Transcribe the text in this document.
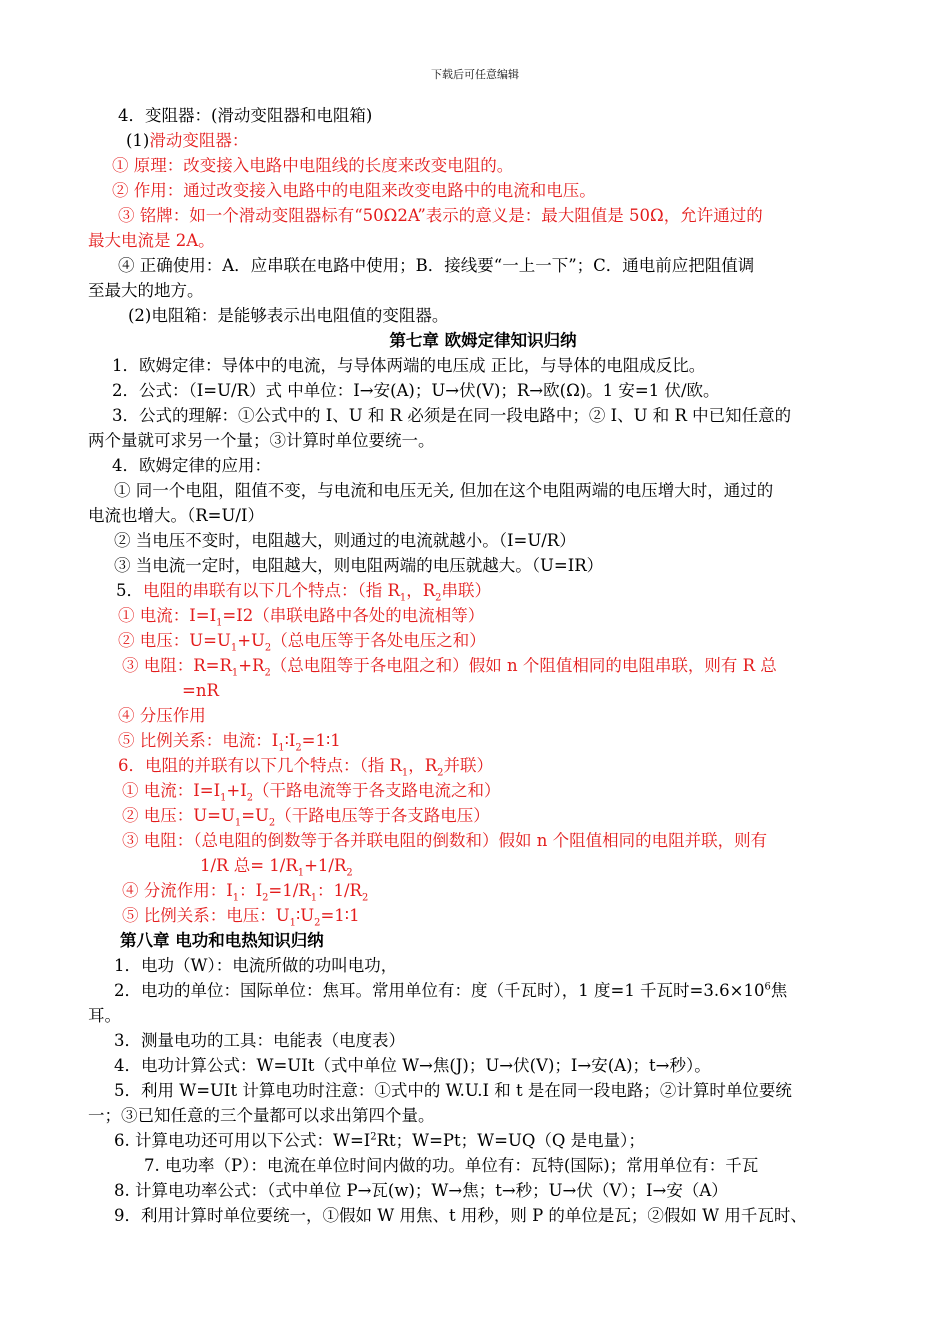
下载后可任意编辑
4．变阻器：(滑动变阻器和电阻箱)
(1)滑动变阻器：
① 原理：改变接入电路中电阻线的长度来改变电阻的。
② 作用：通过改变接入电路中的电阻来改变电路中的电流和电压。
③ 铭牌：如一个滑动变阻器标有“50Ω2A”表示的意义是：最大阻值是 50Ω，允许通过的
最大电流是 2A。
④ 正确使用：A．应串联在电路中使用；B．接线要“一上一下”；C．通电前应把阻值调
至最大的地方。
(2)电阻箱：是能够表示出电阻值的变阻器。
第七章 欧姆定律知识归纳
1．欧姆定律：导体中的电流，与导体两端的电压成 正比，与导体的电阻成反比。
2．公式：（I=U/R）式 中单位：I→安(A)；U→伏(V)；R→欧(Ω)。1 安=1 伏/欧。
3．公式的理解：①公式中的 I、U 和 R 必须是在同一段电路中；② I、U 和 R 中已知任意的
两个量就可求另一个量；③计算时单位要统一。
4．欧姆定律的应用：
① 同一个电阻，阻值不变，与电流和电压无关, 但加在这个电阻两端的电压增大时，通过的
电流也增大。（R=U/I）
② 当电压不变时，电阻越大，则通过的电流就越小。（I=U/R）
③ 当电流一定时，电阻越大，则电阻两端的电压就越大。（U=IR）
5．电阻的串联有以下几个特点：（指 $R_1$，$R_2$串联）
① 电流：$I=I_1=I2$（串联电路中各处的电流相等）
② 电压：$U=U_1+U_2$（总电压等于各处电压之和）
③ 电阻：$R=R_1+R_2$（总电阻等于各电阻之和）假如 n 个阻值相同的电阻串联，则有 R 总
=nR
④ 分压作用
⑤ 比例关系：电流：$I_1∶I_2=1∶1$
6．电阻的并联有以下几个特点：（指 $R_1$，$R_2$并联）
① 电流：$I=I_1+I_2$（干路电流等于各支路电流之和）
② 电压：$U=U_1=U_2$（干路电压等于各支路电压）
③ 电阻：（总电阻的倒数等于各并联电阻的倒数和）假如 n 个阻值相同的电阻并联，则有
1/R 总= $1/R_1+1/R_2$
④ 分流作用：$I_1$：$I_2=1/R_1$：$1/R_2$
⑤ 比例关系：电压：$U_1∶U_2=1∶1$
第八章 电功和电热知识归纳
1．电功（W）：电流所做的功叫电功，
2．电功的单位：国际单位：焦耳。常用单位有：度（千瓦时），1 度=1 千瓦时$=3.6\times 10^6$焦
耳。
3．测量电功的工具：电能表（电度表）
4．电功计算公式：W=UIt（式中单位 W→焦(J)；U→伏(V)；I→安(A)；t→秒）。
5．利用 W=UIt 计算电功时注意：①式中的 W.U.I 和 t 是在同一段电路；②计算时单位要统
一；③已知任意的三个量都可以求出第四个量。
6. 计算电功还可用以下公式：$W=I^2Rt$；W=Pt；W=UQ（Q 是电量）；
7. 电功率（P）：电流在单位时间内做的功。单位有：瓦特(国际)；常用单位有：千瓦
8. 计算电功率公式：（式中单位 P→瓦(w)；W→焦；t→秒；U→伏（V）；I→安（A）
9．利用计算时单位要统一，①假如 W 用焦、t 用秒，则 P 的单位是瓦；②假如 W 用千瓦时、
